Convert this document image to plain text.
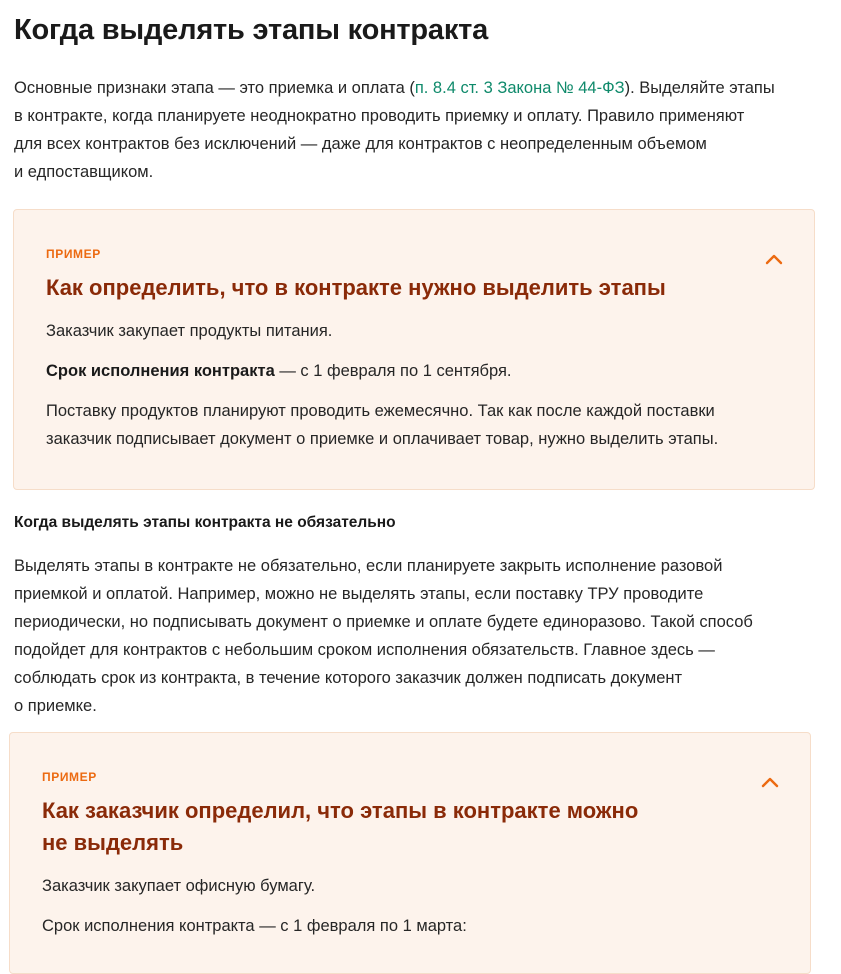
Когда выделять этапы контракта

Основные признаки этапа — это приемка и оплата (п. 8.4 ст. 3 Закона № 44-ФЗ). Выделяйте этапы
в контракте, когда планируете неоднократно проводить приемку и оплату. Правило применяют
для всех контрактов без исключений — даже для контрактов с неопределенным объемом
и едпоставщиком.

ПРИМЕР
Как определить, что в контракте нужно выделить этапы

Заказчик закупает продукты питания.

Срок исполнения контракта — с 1 февраля по 1 сентября.

Поставку продуктов планируют проводить ежемесячно. Так как после каждой поставки
заказчик подписывает документ о приемке и оплачивает товар, нужно выделить этапы.

Когда выделять этапы контракта не обязательно

Выделять этапы в контракте не обязательно, если планируете закрыть исполнение разовой
приемкой и оплатой. Например, можно не выделять этапы, если поставку ТРУ проводите
периодически, но подписывать документ о приемке и оплате будете единоразово. Такой способ
подойдет для контрактов с небольшим сроком исполнения обязательств. Главное здесь —
соблюдать срок из контракта, в течение которого заказчик должен подписать документ
о приемке.

ПРИМЕР
Как заказчик определил, что этапы в контракте можно
не выделять

Заказчик закупает офисную бумагу.

Срок исполнения контракта — с 1 февраля по 1 марта:
